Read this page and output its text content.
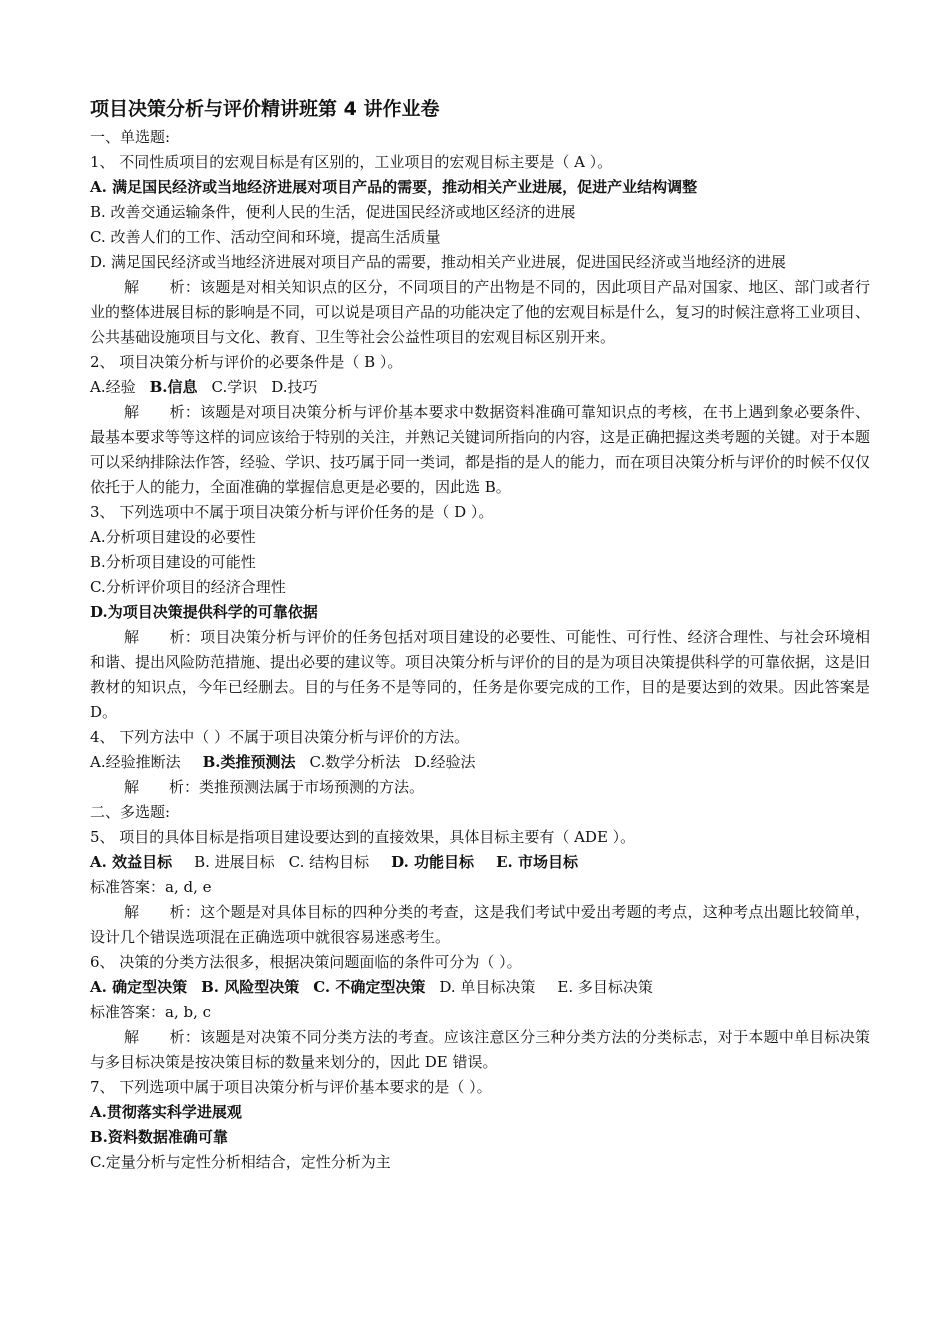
项目决策分析与评价精讲班第 4 讲作业卷
一、单选题:
1、 不同性质项目的宏观目标是有区别的，工业项目的宏观目标主要是（ A ）。
A. 满足国民经济或当地经济进展对项目产品的需要，推动相关产业进展，促进产业结构调整
B. 改善交通运输条件，便利人民的生活，促进国民经济或地区经济的进展
C. 改善人们的工作、活动空间和环境，提高生活质量
D. 满足国民经济或当地经济进展对项目产品的需要，推动相关产业进展，促进国民经济或当地经济的进展
解　　析：该题是对相关知识点的区分，不同项目的产出物是不同的，因此项目产品对国家、地区、部门或者行业的整体进展目标的影响是不同，可以说是项目产品的功能决定了他的宏观目标是什么，复习的时候注意将工业项目、公共基础设施项目与文化、教育、卫生等社会公益性项目的宏观目标区别开来。
2、 项目决策分析与评价的必要条件是（ B ）。
A.经验 B.信息 C.学识 D.技巧
解　　析：该题是对项目决策分析与评价基本要求中数据资料准确可靠知识点的考核，在书上遇到象必要条件、最基本要求等等这样的词应该给于特别的关注，并熟记关键词所指向的内容，这是正确把握这类考题的关键。对于本题可以采纳排除法作答，经验、学识、技巧属于同一类词，都是指的是人的能力，而在项目决策分析与评价的时候不仅仅依托于人的能力，全面准确的掌握信息更是必要的，因此选 B。
3、 下列选项中不属于项目决策分析与评价任务的是（ D ）。
A.分析项目建设的必要性
B.分析项目建设的可能性
C.分析评价项目的经济合理性
D.为项目决策提供科学的可靠依据
解　　析：项目决策分析与评价的任务包括对项目建设的必要性、可能性、可行性、经济合理性、与社会环境相和谐、提出风险防范措施、提出必要的建议等。项目决策分析与评价的目的是为项目决策提供科学的可靠依据，这是旧教材的知识点，今年已经删去。目的与任务不是等同的，任务是你要完成的工作，目的是要达到的效果。因此答案是 D。
4、 下列方法中（ ）不属于项目决策分析与评价的方法。
A.经验推断法 B.类推预测法 C.数学分析法 D.经验法
解　　析：类推预测法属于市场预测的方法。
二、多选题:
5、 项目的具体目标是指项目建设要达到的直接效果，具体目标主要有（ ADE ）。
A. 效益目标 B. 进展目标 C. 结构目标 D. 功能目标 E. 市场目标
标准答案：a, d, e
解　　析：这个题是对具体目标的四种分类的考查，这是我们考试中爱出考题的考点，这种考点出题比较简单，设计几个错误选项混在正确选项中就很容易迷惑考生。
6、 决策的分类方法很多，根据决策问题面临的条件可分为（ ）。
A. 确定型决策 B. 风险型决策 C. 不确定型决策 D. 单目标决策 E. 多目标决策
标准答案：a, b, c
解　　析：该题是对决策不同分类方法的考查。应该注意区分三种分类方法的分类标志，对于本题中单目标决策与多目标决策是按决策目标的数量来划分的，因此 DE 错误。
7、 下列选项中属于项目决策分析与评价基本要求的是（ ）。
A.贯彻落实科学进展观
B.资料数据准确可靠
C.定量分析与定性分析相结合，定性分析为主
